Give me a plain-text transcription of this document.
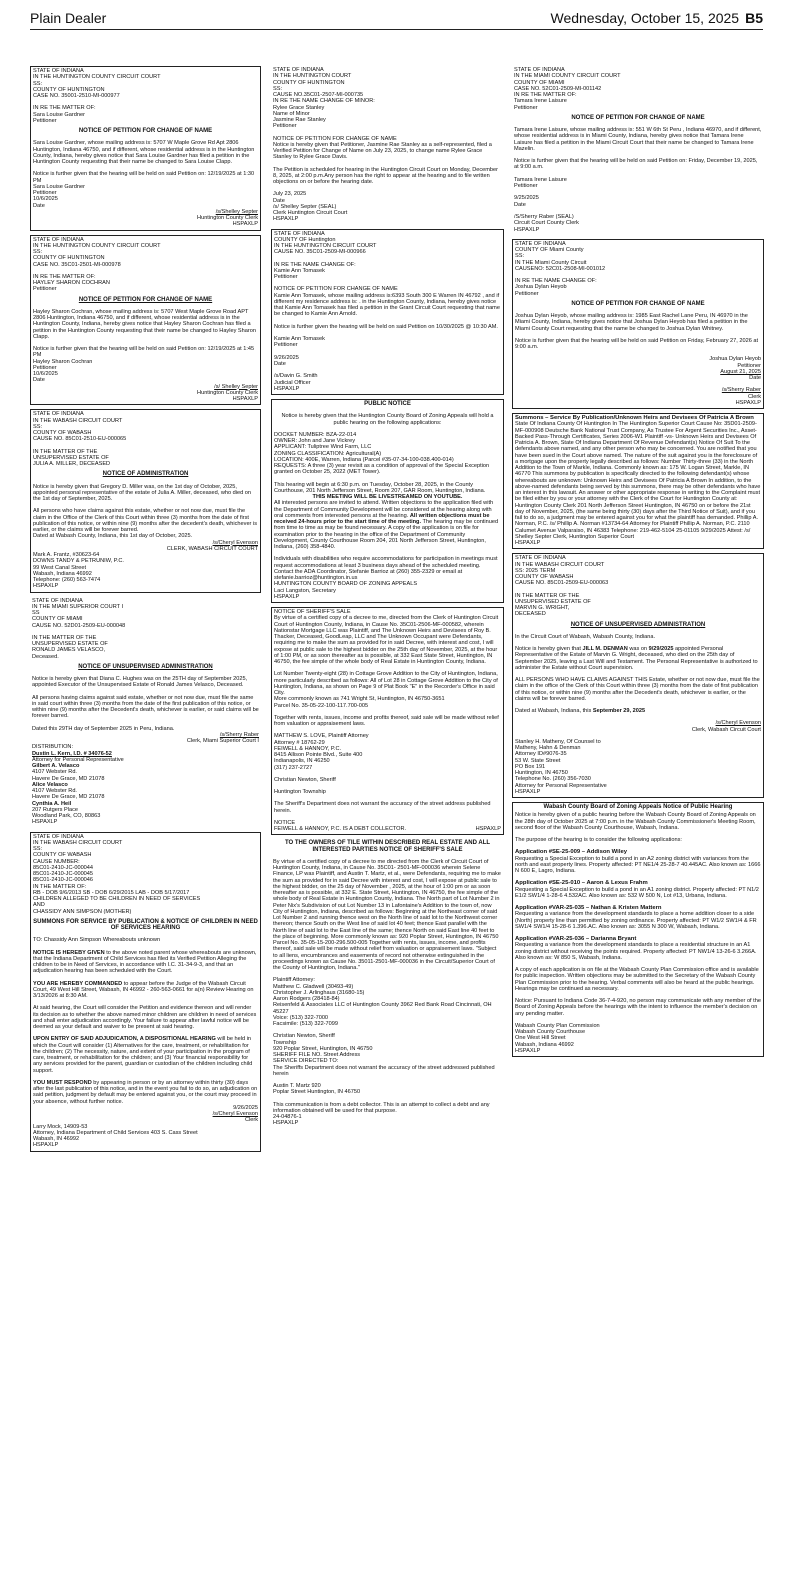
Plain Dealer	Wednesday, October 15, 2025 B5
STATE OF INDIANA
IN THE HUNTINGTON COUNTY CIRCUIT COURT
SS:
COUNTY OF HUNTINGTON
CASE NO. 35001-2510-MI-000977
IN RE THE MATTER OF:
Sara Louise Gardner
Petitioner
NOTICE OF PETITION FOR CHANGE OF NAME

Sara Louise Gardner, whose mailing address is: 5707 W Maple Grove Rd Apt 2806 Huntington, Indiana 46750, and if different, whose residential address is in the Huntington County, Indiana, hereby gives notice that Sara Louise Gardner has filed a petition in the Huntington County requesting that their name be changed to Sara Louise Clapp.

Notice is further given that the hearing will be held on said Petition on: 12/19/2025 at 1:30 PM
Sara Louise Gardner
Petitioner
10/6/2025
Date
/s/Shelley Septer
Huntington County Clerk
HSPAXLP
STATE OF INDIANA
IN THE HUNTINGTON COUNTY CIRCUIT COURT
SS:
COUNTY OF HUNTINGTON
CASE NO. 35C01-2501-MI-000978
IN RE THE MATTER OF:
HAYLEY SHARON COCHRAN
Petitioner
NOTICE OF PETITION FOR CHANGE OF NAME

Hayley Sharon Cochran, whose mailing address is: 5707 West Maple Grove Road APT 2806 Huntington, Indiana 46750, and if different, whose residential address is in the Huntington County, Indiana, hereby gives notice that Hayley Sharon Cochran has filed a petition in the Huntington County requesting that their name be changed to Hayley Sharon Clapp.

Notice is further given that the hearing will be held on said Petition on: 12/19/2025 at 1:45 PM
Hayley Sharon Cochran
Petitioner
10/6/2025
Date
/s/ Shelley Septer
Huntington County Clerk
HSPAXLP
STATE OF INDIANA
IN THE WABASH CIRCUIT COURT
SS:
COUNTY OF WABASH
CAUSE NO. 85C01-2510-EU-000065
IN THE MATTER OF THE
UNSUPERVISED ESTATE OF
JULIA A. MILLER, DECEASED
NOTICE OF ADMINISTRATION

Notice is hereby given that Gregory D. Miller was, on the 1st day of October, 2025, appointed personal representative of the estate of Julia A. Miller, deceased, who died on the 1st day of September, 2025.

All persons who have claims against this estate, whether or not now due, must file the claim in the Office of the Clerk of this Court within three (3) months from the date of first publication of this notice, or within nine (9) months after the decedent's death, whichever is earlier, or the claims will be forever barred.
Dated at Wabash County, Indiana, this 1st day of October, 2025.
/s/Cheryl Evenson
CLERK, WABASH CIRCUIT COURT
Mark A. Frantz, #30623-64
DOWNS TANDY & PETRUNIW, P.C.
99 West Canal Street
Wabash, Indiana 46992
Telephone: (260) 563-7474
HSPAXLP
STATE OF INDIANA
IN THE MIAMI SUPERIOR COURT I
SS
COUNTY OF MIAMI
CAUSE NO. 52D01-2509-EU-000048
IN THE MATTER OF THE
UNSUPERVISED ESTATE OF
RONALD JAMES VELASCO,
Deceased.
NOTICE OF UNSUPERVISED ADMINISTRATION

Notice is hereby given that Diana C. Hughes was on the 25TH day of September 2025, appointed Executor of the Unsupervised Estate of Ronald James Velasco, Deceased.

All persons having claims against said estate, whether or not now due, must file the same in said court within three (3) months from the date of the first publication of this notice, or within nine (9) months after the Decedent's death, whichever is earlier, or said claims will be forever barred.

Dated this 29TH day of September 2025 in Peru, Indiana.
/s/Sherry Raber
Clerk, Miami Superior Court I
DISTRIBUTION:
Dustin L. Kern, I.D. # 34076-52
Attorney for Personal Representative
Gilbert A. Velasco
4107 Webster Rd.
Havere De Grace, MD 21078
Alice Velasco
4107 Webster Rd.
Havere De Grace, MD 21078
Cynthia A. Heil
207 Rutgers Place
Woodland Park, CO, 80863
HSPAXLP
STATE OF INDIANA
IN THE WABASH CIRCUIT COURT
SS:
COUNTY OF WABASH
CAUSE NUMBER:
85C01-2410-JC-000044
85C01-2410-JC-000045
85C01-2410-JC-000046
IN THE MATTER OF:
RB - DOB 9/6/2013 SB - DOB 6/29/2015 LAB - DOB 5/17/2017
CHILDREN ALLEGED TO BE CHILDREN IN NEED OF SERVICES
AND
CHASSIDY ANN SIMPSON (MOTHER)
SUMMONS FOR SERVICE BY PUBLICATION & NOTICE OF CHILDREN IN NEED OF SERVICES HEARING

TO: Chassidy Ann Simpson Whereabouts unknown

NOTICE IS HEREBY GIVEN to the above noted parent whose whereabouts are unknown, that the Indiana Department of Child Services has filed its Verified Petition Alleging the children to be in Need of Services, in accordance with I.C. 31-34-9-3, and that an adjudication hearing has been scheduled with the Court.

YOU ARE HEREBY COMMANDED to appear before the Judge of the Wabash Circuit Court, 49 West Hill Street, Wabash, IN 46992 - 260-563-0661 for a(n) Review Hearing on 3/13/2026 at 8:30 AM.

At said hearing, the Court will consider the Petition and evidence thereon and will render its decision as to whether the above named minor children are children in need of services and shall enter adjudication accordingly. Your failure to appear after lawful notice will be deemed as your default and waiver to be present at said hearing.

UPON ENTRY OF SAID ADJUDICATION, A DISPOSITIONAL HEARING will be held in which the Court will consider (1) Alternatives for the care, treatment, or rehabilitation for the children; (2) The necessity, nature, and extent of your participation in the program of care, treatment, or rehabilitation for the children; and (3) Your financial responsibility for any services provided for the parent, guardian or custodian of the children including child support.

YOU MUST RESPOND by appearing in person or by an attorney within thirty (30) days after the last publication of this notice, and in the event you fail to do so, an adjudication on said petition, judgment by default may be entered against you, or the court may proceed in your absence, without further notice.
9/26/2025
/s/Cheryl Evenson
Clerk
Larry Mock, 14909-53
Attorney, Indiana Department of Child Services 403 S. Cass Street
Wabash, IN 46992
HSPAXLP
STATE OF INDIANA
IN THE HUNTINGTON COURT
COUNTY OF HUNTINGTON
SS:
CAUSE NO.35C01-2507-MI-000735
IN RE THE NAME CHANGE OF MINOR:
Rylee Grace Stanley
Name of Minor
Jasmine Rae Stanley
Petitioner
NOTICE OF PETITION FOR CHANGE OF NAME

Notice is hereby given that Petitioner, Jasmine Rae Stanley as a self-represented, filed a Verified Petition for Change of Name on July 23, 2025, to change name Rylee Grace Stanley to Rylee Grace Davis.

The Petition is scheduled for hearing in the Huntington Circuit Court on Monday, December 8, 2025, at 2:00 p.m.Any person has the right to appear at the hearing and to file written objections on or before the hearing date.

July 23, 2025
Date
/s/ Shelley Septer (SEAL)
Clerk Huntington Circuit Court
HSPAXLP
STATE OF INDIANA
COUNTY OF Huntington
IN THE HUNTINGTON CIRCUIT COURT
CAUSE NO. 35C01-2509-MI-000966
IN RE THE NAME CHANGE OF:
Kamie Ann Tomasek
Petitioner
NOTICE OF PETITION FOR CHANGE OF NAME

Kamie Ann Tomasek, whose mailing address is:6393 South 300 E Warren IN 46792 , and if different my residence address is: . in the Huntington County, Indiana, hereby gives notice that Kamie Ann Tomasek has filed a petition in the Grant Circuit Court requesting that name be changed to Kamie Ann Arnold.

Notice is further given the hearing will be held on said Petition on 10/30/2025 @ 10:30 AM.

Kamie Ann Tomasek
Petitioner

9/26/2025
Date

/s/Davin G. Smith
Judicial Officer
HSPAXLP
PUBLIC NOTICE

Notice is hereby given that the Huntington County Board of Zoning Appeals will hold a public hearing on the following applications:

DOCKET NUMBER: BZA-22-014
OWNER: John and Jane Vickrey
APPLICANT: Tuliptree Wind Farm, LLC
ZONING CLASSIFICATION: Agricultural(A)
LOCATION: 400E, Warren, Indiana (Parcel #35-07-34-100-038.400-014)
REQUESTS: A three (3) year revisit as a condition of approval of the Special Exception granted on October 25, 2022 (MET Tower).

This hearing will begin at 6:30 p.m. on Tuesday, October 28, 2025, in the County Courthouse, 201 North Jefferson Street, Room 207, GAR Room, Huntington, Indiana.
THIS MEETING WILL BE LIVESTREAMED ON YOUTUBE.

All interested persons are invited to attend. Written objections to the application filed with the Department of Community Development will be considered at the hearing along with oral comments from interested persons at the hearing. All written objections must be received 24-hours prior to the start time of the meeting. The hearing may be continued from time to time as may be found necessary. A copy of the application is on file for examination prior to the hearing in the office of the Department of Community Development, County Courthouse Room 204, 201 North Jefferson Street, Huntington, Indiana, (260) 358-4840.

Individuals with disabilities who require accommodations for participation in meetings must request accommodations at least 3 business days ahead of the scheduled meeting. Contact the ADA Coordinator, Stefanie Barrioz at (260) 355-2329 or email at stefanie.barrioz@huntington.in.us
HUNTINGTON COUNTY BOARD OF ZONING APPEALS
Laci Langston, Secretary
HSPAXLP
NOTICE OF SHERIFF'S SALE

By virtue of a certified copy of a decree to me, directed from the Clerk of Huntington Circuit Court of Huntington County, Indiana, in Cause No. 35C01-2506-MF-000582, wherein Nationstar Mortgage LLC was Plaintiff, and The Unknown Heirs and Devisees of Roy B. Thacker, Deceased, GoodLeap, LLC and The Unknown Occupant were Defendants, requiring me to make the sum as provided for in said Decree, with interest and cost, I will expose at public sale to the highest bidder on the 25th day of November, 2025, at the hour of 1:00 PM, or as soon thereafter as is possible, at 332 East State Street, Huntington, IN 46750, the fee simple of the whole body of Real Estate in Huntington County, Indiana.

Lot Number Twenty-eight (28) in Cottage Grove Addition to the City of Huntington, Indiana, more particularly described as follows: All of Lot 28 in Cottage Grove Addition to the City of Huntington, Indiana, as shown on Page 9 of Plat Book "E" in the Recorder's Office in said City.
More commonly known as 741 Wright St, Huntington, IN 46750-3651

Parcel No. 35-05-22-100-117.700-005

Together with rents, issues, income and profits thereof, said sale will be made without relief from valuation or appraisement laws.

MATTHEW S. LOVE, Plaintiff Attorney
Attorney # 18762-29
FEIWELL & HANNOY, P.C.
8415 Allison Pointe Blvd., Suite 400
Indianapolis, IN 46250
(317) 237-2727

Christian Newton, Sheriff

Huntington Township

The Sheriff's Department does not warrant the accuracy of the street address published herein.

NOTICE
FEIWELL & HANNOY, P.C. IS A DEBT COLLECTOR.	HSPAXLP
TO THE OWNERS OF TILE WITHIN DESCRIBED REAL ESTATE AND ALL INTERESTED PARTIES NOTICE OF SHERIFF'S SALE

By virtue of a certified copy of a decree to me directed from the Clerk of Circuit Court of Huntington County, Indiana, in Cause No. 35C01- 2501-MF-000036 wherein Selene Finance, LP was Plaintiff, and Austin T. Martz, et al., were Defendants, requiring me to make the sum as provided for in said Decree with interest and cost, I will expose at public sale to the highest bidder, on the 25 day of November , 2025, at the hour of 1:00 pm or as soon thereafter as is possible, at 332 E. State Street, Huntington, IN 46750, the fee simple of the whole body of Real Estate in Huntington County, Indiana. The North part of Lot Number 2 in Peter Nix's Subdivision of out Lot Number 13 in Lafontaine's Addition to the town of, now City of Huntington, Indiana, described as follows: Beginning at the Northeast corner of said Lot Number 2 and running thence west on the North line of said lot to the Northwest corner thereon; thence South on the West line of said lot 40 feet; thence East parallel with the North line of said lot to the East line of the same; thence North on said East line 40 feet to the place of beginning. More commonly known as: 920 Poplar Street, Huntington, IN 46750 Parcel No. 35-05-15-200-296.500-005 Together with rents, issues, income, and profits thereof, said sale will be made without relief from valuation or appraisement laws. "Subject to all liens, encumbrances and easements of record not otherwise extinguished in the proceedings known as Cause No. 35011-2501-MF-000036 in the Circuit/Superior Court of the County of Huntington, Indiana."

Plaintiff Attorney:
Matthew C. Gladwell (30493-49)
Christopher J. Arlinghaus (31680-15)
Aaron Rodgers (28418-84)
Reisenfeld & Associates LLC of Huntington County 3962 Red Bank Road Cincinnati, OH 45227
Voice: (513) 322-7000
Facsimile: (513) 322-7099

Christian Newton, Sheriff
Township
920 Poplar Street, Huntington, IN 46750
SHERIFF FILE NO. Street Address
SERVICE DIRECTED TO:
The Sheriffs Department does not warrant the accuracy of the street addressed published herein

Austin T. Martz 920
Poplar Street Huntington, IN 46750

This communication is from a debt collector. This is an attempt to collect a debt and any information obtained will be used for that purpose.
24-04876-1
HSPAXLP
STATE OF INDIANA
IN THE MIAMI COUNTY CIRCUIT COURT
COUNTY OF MIAMI
CASE NO. 52C01-2509-MI-001142
IN RE THE MATTER OF:
Tamara Irene Laisure
Petitioner
NOTICE OF PETITION FOR CHANGE OF NAME

Tamara Irene Laisure, whose mailing address is: 551 W 6th St Peru , Indiana 46970, and if different, whose residential address is in Miami County, Indiana, hereby gives notice that Tamara Irene Laisure has filed a petition in the Miami Circuit Court that their name be changed to Tamara Irene Mazelin.

Notice is further given that the hearing will be held on said Petition on: Friday, December 19, 2025, at 9:00 a.m.

Tamara Irene Laisure
Petitioner

9/25/2025
Date

/S/Sherry Raber (SEAL)
Circuit Court County Clerk
HSPAXLP
STATE OF INDIANA
COUNTY OF Miami County
SS:
IN THE Miami County Circuit
CAUSENO: 52C01-2508-MI-001012
IN RE THE NAME CHANGE OF:
Joshua Dylan Heyob
Petitioner
NOTICE OF PETITION FOR CHANGE OF NAME

Joshua Dylan Heyob, whose mailing address is: 1985 East Rachel Lane Peru, IN 46970 in the Miami County, Indiana, hereby gives notice that Joshua Dylan Heyob has filed a petition in the Miami County Court requesting that the name be changed to Joshua Dylan Whitney.

Notice is further given that the hearing will be held on said Petition on Friday, February 27, 2026 at 9:00 a.m.

Joshua Dylan Heyob
Petitioner
August 21, 2025
Date
/s/Sherry Raber
Clerk
HSPAXLP
Summons – Service By Publication/Unknown Heirs and Devisees Of Patricia A Brown
State Of Indiana County Of Huntington In The Huntington Superior Court Cause No: 35D01-2509-MF-000908 Deutsche Bank National Trust Company, As Trustee For Argent Securities Inc., Asset-Backed Pass-Through Certificates, Series 2006-W1 Plaintiff -vs- Unknown Heirs and Devisees Of Patricia A. Brown, State Of Indiana Department Of Revenue Defendant(s) Notice Of Suit To the defendants above named, and any other person who may be concerned. You are notified that you have been sued in the Court above named. The nature of the suit against you is the foreclosure of a mortgage upon the property legally described as follows: Number Thirty-three (33) in the North Addition to the Town of Markle, Indiana. Commonly known as: 175 W. Logan Street, Markle, IN 46770 This summons by publication is specifically directed to the following defendant(s) whose whereabouts are unknown: Unknown Heirs and Devisees Of Patricia A Brown In addition, to the above-named defendants being served by this summons, there may be other defendants who have an interest in this lawsuit. An answer or other appropriate response in writing to the Complaint must be filed either by you or your attorney with the Clerk of the Court for Huntington County at: Huntington County Clerk 201 North Jefferson Street Huntington, IN 46750 on or before the 21st day of November, 2025, (the same being thirty (30) days after the Third Notice of Suit), and if you fail to do so, a judgment may be entered against you for what the plaintiff has demanded. Phillip A. Norman, P.C. /s/ Phillip A. Norman #13734-64 Attorney for Plaintiff Phillip A. Norman, P.C. 2110 Calumet Avenue Valparaiso, IN 46383 Telephone: 219-462-5104 25-01105 9/29/2025 Attest: /s/ Shelley Septer Clerk, Huntington Superior Court
HSPAXLP
STATE OF INDIANA
IN THE WABASH CIRCUIT COURT
SS: 2025 TERM
COUNTY OF WABASH
CAUSE NO. 85C01-2509-EU-000063
IN THE MATTER OF THE
UNSUPERVISED ESTATE OF
MARVIN G. WRIGHT,
DECEASED
NOTICE OF UNSUPERVISED ADMINISTRATION

In the Circuit Court of Wabash, Wabash County, Indiana.

Notice is hereby given that JILL M. DENMAN was on 9/29/2025 appointed Personal Representative of the Estate of Marvin G. Wright, deceased, who died on the 25th day of September 2025, leaving a Last Will and Testament. The Personal Representative is authorized to administer the Estate without Court supervision.

ALL PERSONS WHO HAVE CLAIMS AGAINST THIS Estate, whether or not now due, must file the claim in the office of the Clerk of this Court within three (3) months from the date of first publication of this notice, or within nine (9) months after the Decedent's death, whichever is earlier, or the claims will be forever barred.

Dated at Wabash, Indiana, this September 29, 2025

/s/Cheryl Evenson
Clerk, Wabash Circuit Court
Stanley H. Matheny, Of Counsel to
Matheny, Hahn & Denman
Attorney ID#9076-35
53 W. State Street
PO Box 191
Huntington, IN 46750
Telephone No. (260) 356-7030
Attorney for Personal Representative
HSPAXLP
Wabash County Board of Zoning Appeals Notice of Public Hearing

Notice is hereby given of a public hearing before the Wabash County Board of Zoning Appeals on the 28th day of October 2025 at 7:00 p.m. in the Wabash County Commissioner's Meeting Room, second floor of the Wabash County Courthouse, Wabash, Indiana.

The purpose of the hearing is to consider the following applications:

Application #SE-25-009 – Addison Wiley

Requesting a Special Exception to build a pond in an A2 zoning district with variances from the north and east property lines. Property affected: PT NE1/4 25-28-7 40.445AC. Also known as: 1666 N 600 E, Lagro, Indiana.

Application #SE-25-010 – Aaron & Lexus Frahm

Requesting a Special Exception to build a pond in an A1 zoning district. Property affected: PT N1/2 E1/2 SW1/4 1-28-6 4.532AC. Also known as: 532 W 500 N, Lot #13, Urbana, Indiana.

Application #VAR-25-035 – Nathan & Kristen Mattern

Requesting a variance from the development standards to place a home addition closer to a side (North) property line than permitted by zoning ordinance. Property affected: PT W1/2 SW1/4 & FR SW1/4 SW1/4 15-28-6 1.396.AC. Also known as: 3055 N 300 W, Wabash, Indiana.

Application #VAR-25-036 – Darianna Bryant

Requesting a variance from the development standards to place a residential structure in an A1 zoning district without receiving the points required. Property affected: PT NW1/4 13-26-6 3.266A. Also known as: W 850 S, Wabash, Indiana.

A copy of each application is on file at the Wabash County Plan Commission office and is available for public inspection. Written objections may be submitted to the Secretary of the Wabash County Plan Commission prior to the hearing. Verbal comments will also be heard at the public hearings. Hearings may be continued as necessary.

Notice: Pursuant to Indiana Code 36-7-4-920, no person may communicate with any member of the Board of Zoning Appeals before the hearings with the intent to influence the member's decision on any pending matter.

Wabash County Plan Commission
Wabash County Courthouse
One West Hill Street
Wabash, Indiana 46992
HSPAXLP
